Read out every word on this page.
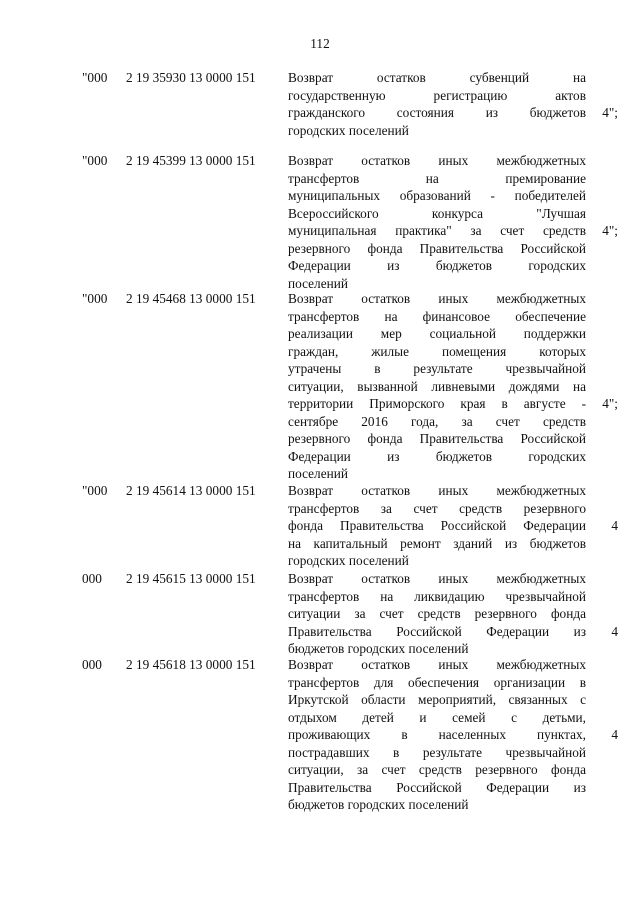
112
"000 2 19 35930 13 0000 151 Возврат остатков субвенций на
государственную регистрацию актов
гражданского состояния из бюджетов
городских поселений
4";
"000 2 19 45399 13 0000 151 Возврат остатков иных межбюджетных
трансфертов на премирование
муниципальных образований - победителей
Всероссийского конкурса "Лучшая
муниципальная практика" за счет средств
резервного фонда Правительства Российской
Федерации из бюджетов городских
поселений
4";
"000 2 19 45468 13 0000 151 Возврат остатков иных межбюджетных
трансфертов на финансовое обеспечение
реализации мер социальной поддержки
граждан, жилые помещения которых
утрачены в результате чрезвычайной
ситуации, вызванной ливневыми дождями на
территории Приморского края в августе -
сентябре 2016 года, за счет средств
резервного фонда Правительства Российской
Федерации из бюджетов городских
поселений
4";
"000 2 19 45614 13 0000 151 Возврат остатков иных межбюджетных
трансфертов за счет средств резервного
фонда Правительства Российской Федерации
на капитальный ремонт зданий из бюджетов
городских поселений
4
000 2 19 45615 13 0000 151 Возврат остатков иных межбюджетных
трансфертов на ликвидацию чрезвычайной
ситуации за счет средств резервного фонда
Правительства Российской Федерации из
бюджетов городских поселений
4
000 2 19 45618 13 0000 151 Возврат остатков иных межбюджетных
трансфертов для обеспечения организации в
Иркутской области мероприятий, связанных с
отдыхом детей и семей с детьми,
проживающих в населенных пунктах,
пострадавших в результате чрезвычайной
ситуации, за счет средств резервного фонда
Правительства Российской Федерации из
бюджетов городских поселений
4
